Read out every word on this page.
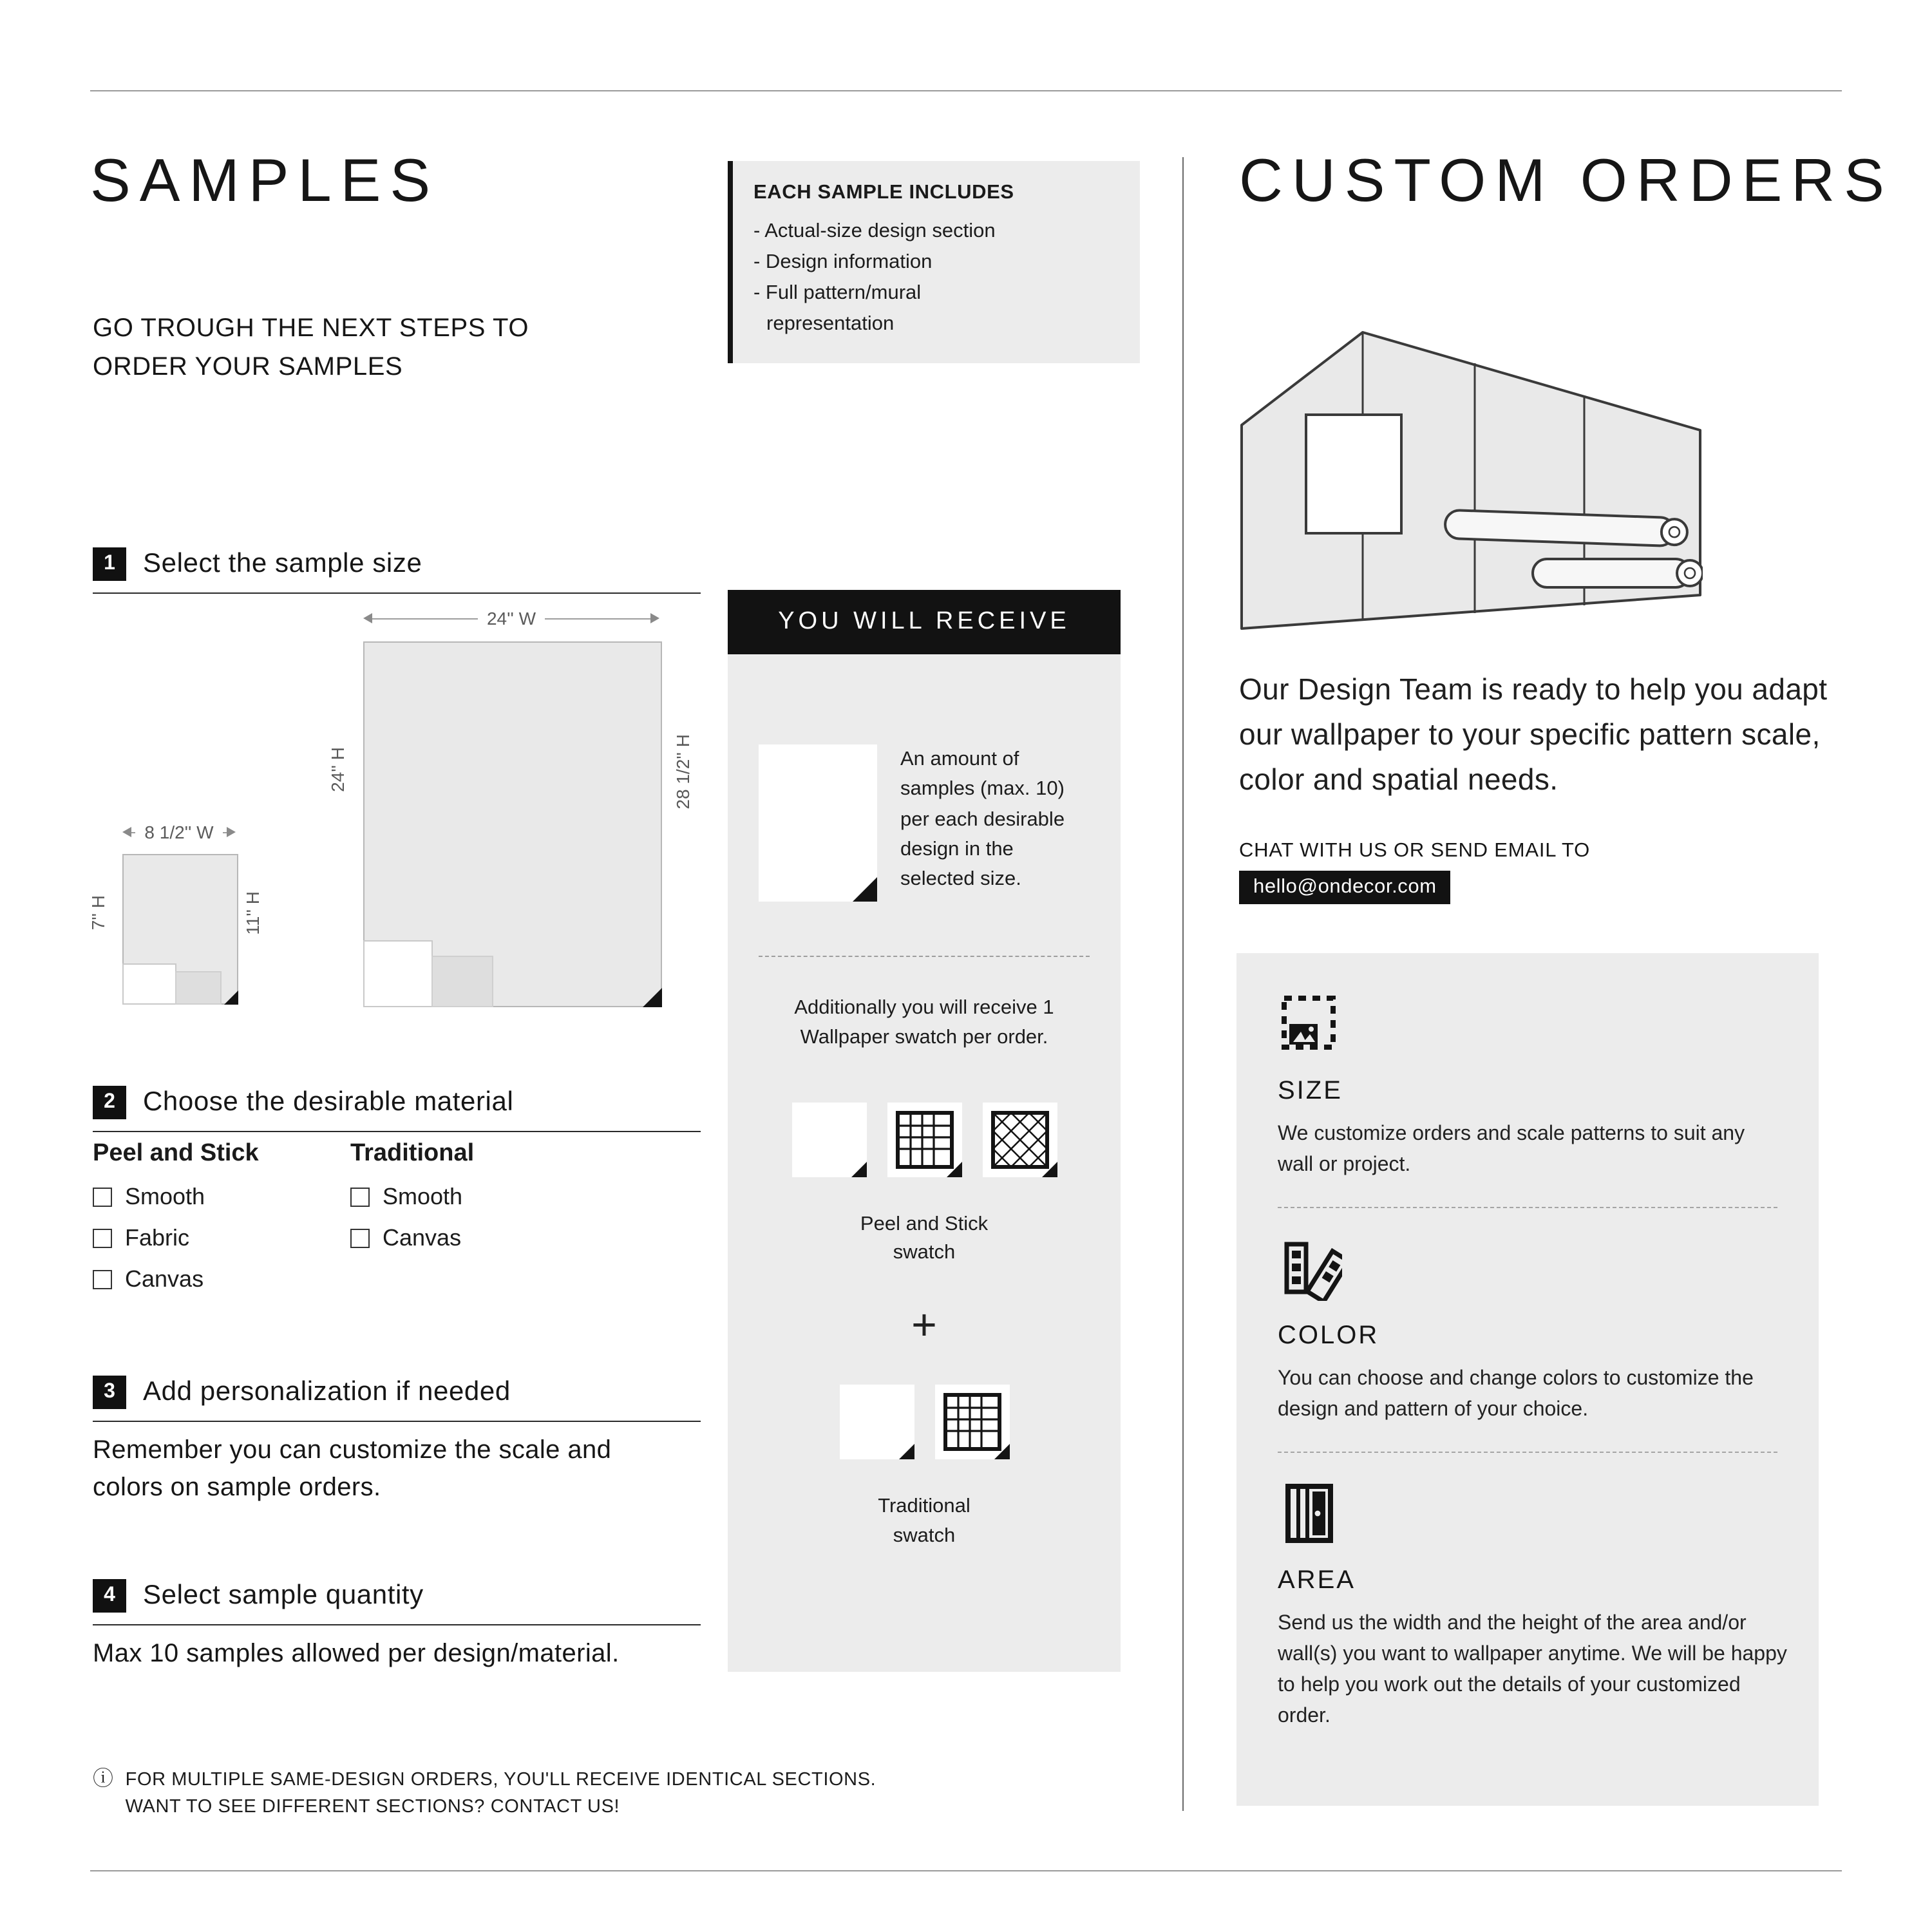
SAMPLES
GO TROUGH THE NEXT STEPS TO ORDER YOUR SAMPLES
EACH SAMPLE INCLUDES
- Actual-size design section
- Design information
- Full pattern/mural representation
1	Select the sample size
24'' W
24'' H	28 1/2'' H
8 1/2'' W
7'' H	11'' H
2	Choose the desirable material
Peel and Stick
Smooth
Fabric
Canvas
Traditional
Smooth
Canvas
3	Add personalization if needed
Remember you can customize the scale and colors on sample orders.
4	Select sample quantity
Max 10 samples allowed per design/material.
ⓘ FOR MULTIPLE SAME-DESIGN ORDERS, YOU'LL RECEIVE IDENTICAL SECTIONS. WANT TO SEE DIFFERENT SECTIONS? CONTACT US!
YOU WILL RECEIVE
An amount of samples (max. 10) per each desirable design in the selected size.
Additionally you will receive 1 Wallpaper swatch per order.
Peel and Stick
swatch
+
Traditional
swatch
CUSTOM ORDERS
Our Design Team is ready to help you adapt our wallpaper to your specific pattern scale, color and spatial needs.
CHAT WITH US OR SEND EMAIL TO
hello@ondecor.com
SIZE
We customize orders and scale patterns to suit any wall or project.
COLOR
You can choose and change colors to customize the design and pattern of your choice.
AREA
Send us the width and the height of the area and/or wall(s) you want to wallpaper anytime. We will be happy to help you work out the details of your customized order.
